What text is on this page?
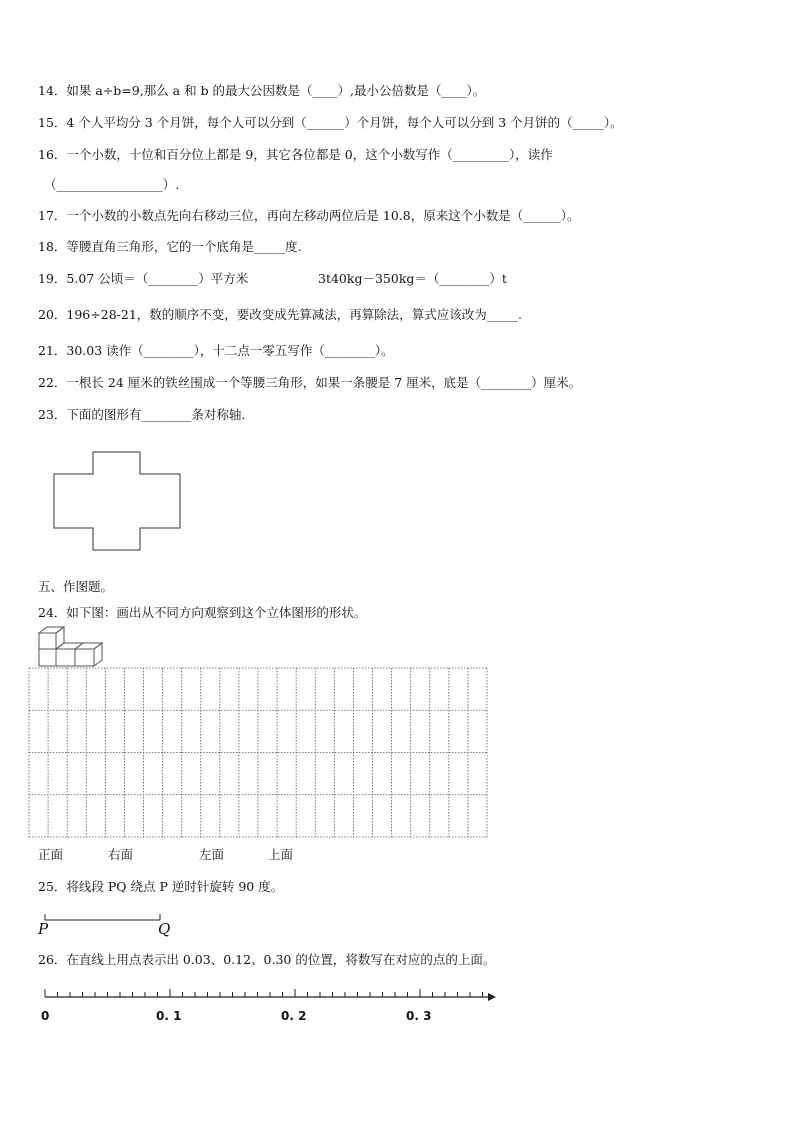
14．如果 a÷b=9,那么 a 和 b 的最大公因数是（____）,最小公倍数是（____）。
15．4 个人平均分 3 个月饼，每个人可以分到（______）个月饼，每个人可以分到 3 个月饼的（_____）。
16．一个小数，十位和百分位上都是 9，其它各位都是 0，这个小数写作（_________），读作
（_________________）.
17．一个小数的小数点先向右移动三位，再向左移动两位后是 10.8，原来这个小数是（______）。
18．等腰直角三角形，它的一个底角是_____度.
19．5.07 公顷＝（________）平方米	3t40kg－350kg＝（________）t
20．196÷28-21，数的顺序不变，要改变成先算减法，再算除法，算式应该改为_____.
21．30.03 读作（________），十二点一零五写作（________）。
22．一根长 24 厘米的铁丝围成一个等腰三角形，如果一条腰是 7 厘米，底是（________）厘米。
23．下面的图形有________条对称轴.
五、作图题。
24．如下图：画出从不同方向观察到这个立体图形的形状。
正面	右面	左面	上面
25．将线段 PQ 绕点 P 逆时针旋转 90 度。
P	Q
26．在直线上用点表示出 0.03、0.12、0.30 的位置，将数写在对应的点的上面。
0	0. 1	0. 2	0. 3
